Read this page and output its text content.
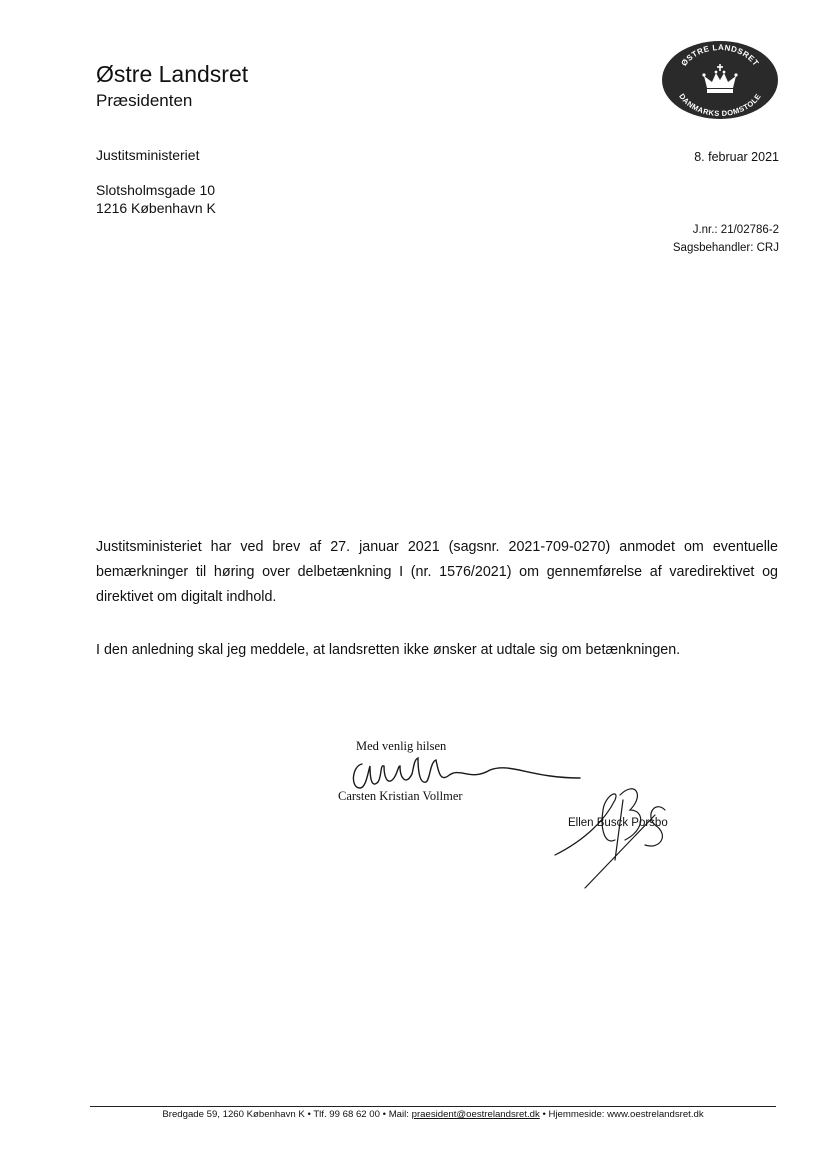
Østre Landsret
Præsidenten
ØSTRE LANDSRET
DANMARKS DOMSTOLE
Justitsministeriet	8. februar 2021
Slotsholmsgade 10
1216 København K
J.nr.: 21/02786-2
Sagsbehandler: CRJ
Justitsministeriet har ved brev af 27. januar 2021 (sagsnr. 2021-709-0270) anmodet om eventuelle bemærkninger til høring over delbetænkning I (nr. 1576/2021) om gennemførelse af varedirektivet og direktivet om digitalt indhold.
I den anledning skal jeg meddele, at landsretten ikke ønsker at udtale sig om betænkningen.
Med venlig hilsen
Carsten Kristian Vollmer
Ellen Busck Porsbo
Bredgade 59, 1260 København K • Tlf. 99 68 62 00 • Mail: praesident@oestrelandsret.dk • Hjemmeside: www.oestrelandsret.dk
